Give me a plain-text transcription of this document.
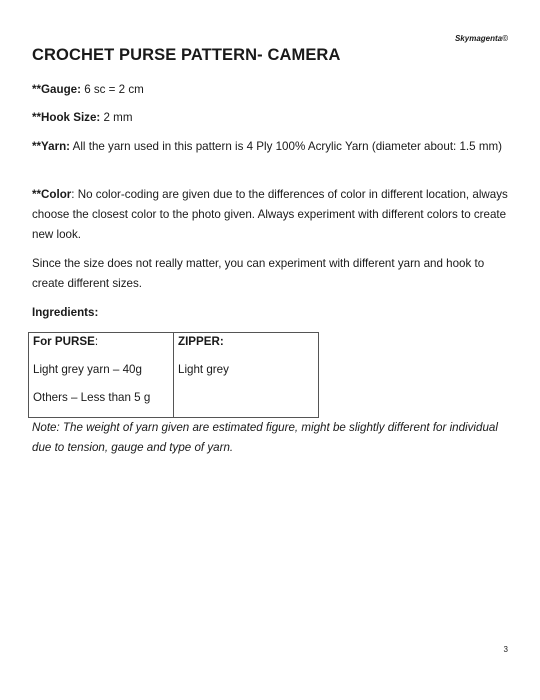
Skymagenta©
CROCHET PURSE PATTERN- CAMERA
**Gauge: 6 sc = 2 cm
**Hook Size: 2 mm
**Yarn: All the yarn used in this pattern is 4 Ply 100% Acrylic Yarn (diameter about: 1.5 mm)
**Color: No color-coding are given due to the differences of color in different location, always choose the closest color to the photo given. Always experiment with different colors to create new look.
Since the size does not really matter, you can experiment with different yarn and hook to create different sizes.
Ingredients:
For PURSE:
Light grey yarn – 40g
Others – Less than 5 g
ZIPPER:
Light grey
Note: The weight of yarn given are estimated figure, might be slightly different for individual due to tension, gauge and type of yarn.
3
